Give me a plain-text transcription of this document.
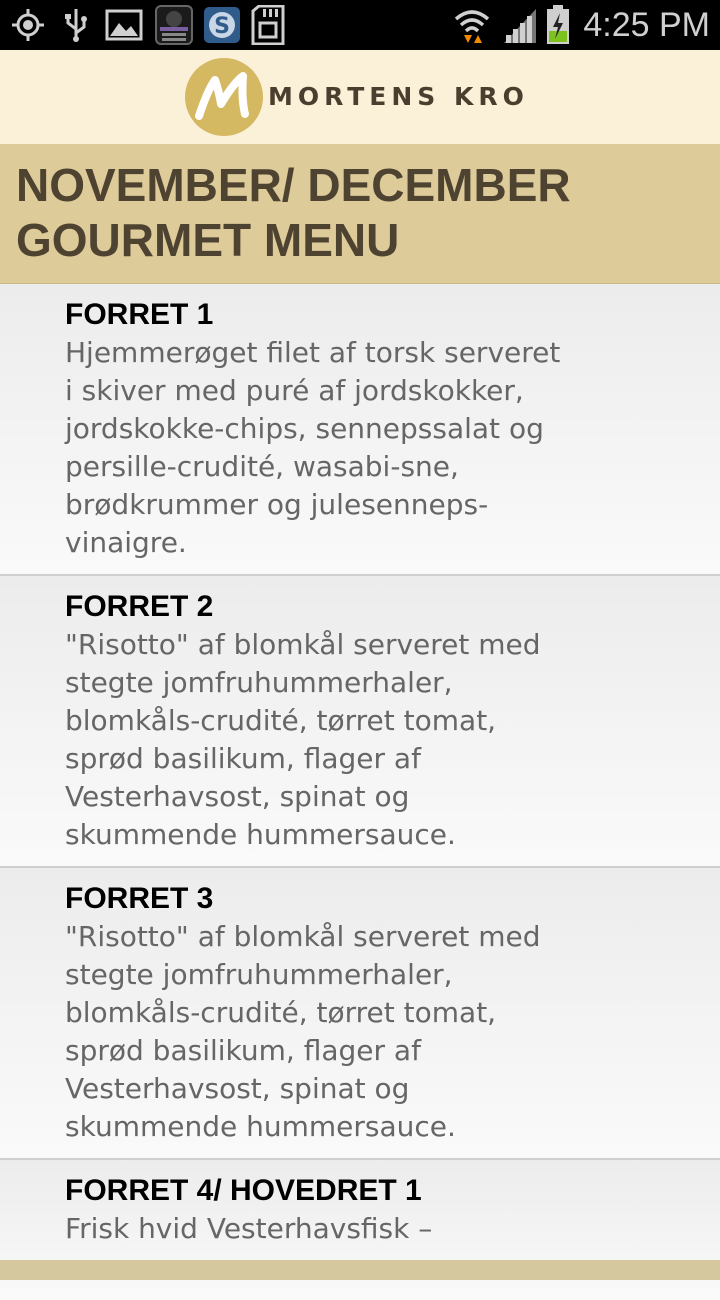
S	4:25 PM
MORTENS KRO
NOVEMBER/ DECEMBER GOURMET MENU

FORRET 1

Hjemmerøget filet af torsk serveret i skiver med puré af jordskokker, jordskokke-chips, sennepssalat og persille-crudité, wasabi-sne, brødkrummer og julesenneps-vinaigre.

FORRET 2

"Risotto" af blomkål serveret med stegte jomfruhummerhaler, blomkåls-crudité, tørret tomat, sprød basilikum, flager af Vesterhavsost, spinat og skummende hummersauce.

FORRET 3

"Risotto" af blomkål serveret med stegte jomfruhummerhaler, blomkåls-crudité, tørret tomat, sprød basilikum, flager af Vesterhavsost, spinat og skummende hummersauce.

FORRET 4/ HOVEDRET 1

Frisk hvid Vesterhavsfisk –
